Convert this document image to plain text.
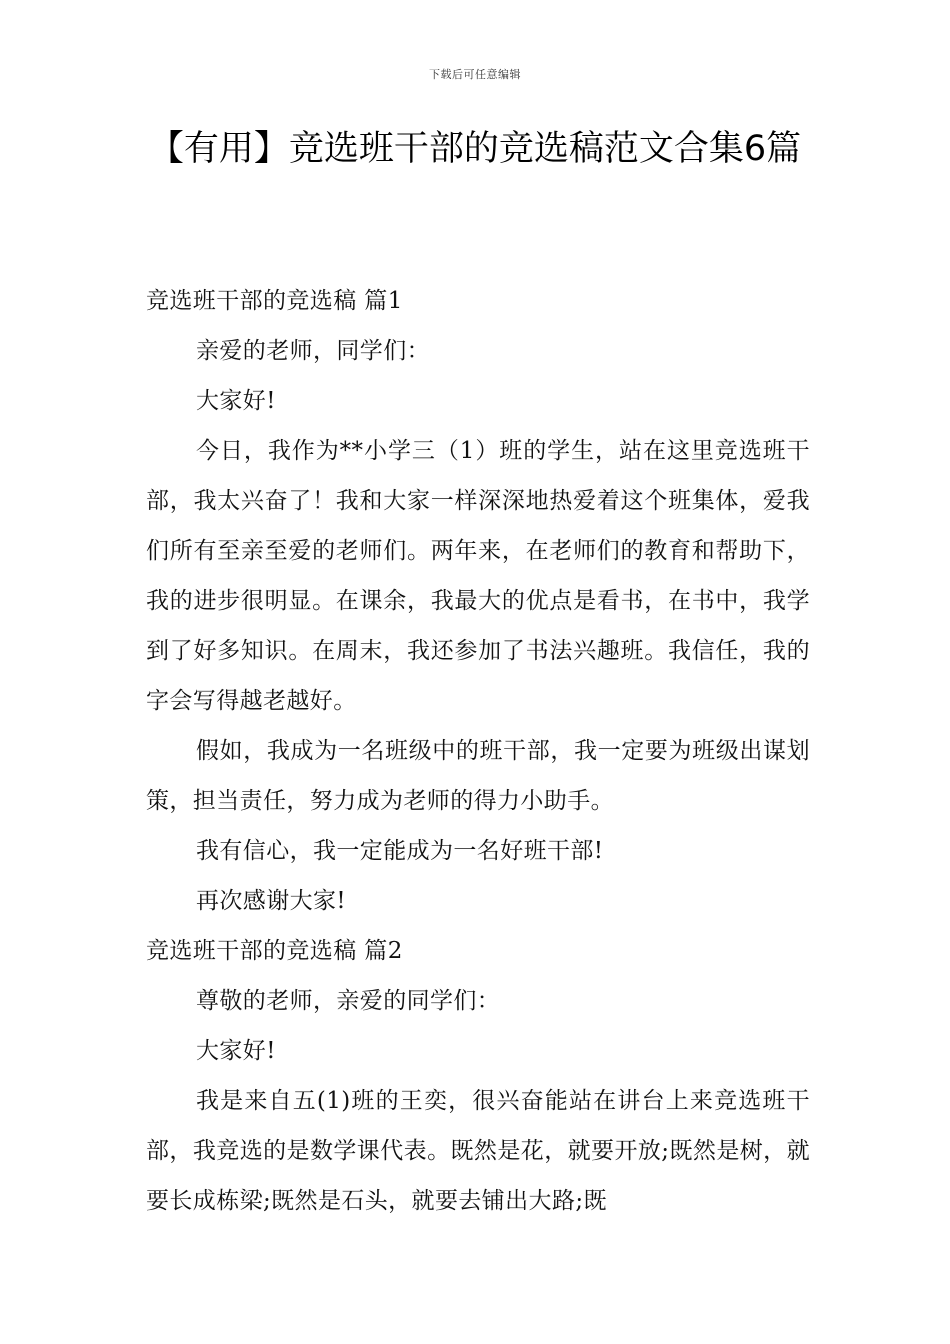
下载后可任意编辑
【有用】竞选班干部的竞选稿范文合集6篇

竞选班干部的竞选稿 篇1

亲爱的老师，同学们：

大家好!

今日，我作为**小学三（1）班的学生，站在这里竞选班干部，我太兴奋了！我和大家一样深深地热爱着这个班集体，爱我们所有至亲至爱的老师们。两年来，在老师们的教育和帮助下，我的进步很明显。在课余，我最大的优点是看书，在书中，我学到了好多知识。在周末，我还参加了书法兴趣班。我信任，我的字会写得越老越好。

假如，我成为一名班级中的班干部，我一定要为班级出谋划策，担当责任，努力成为老师的得力小助手。

我有信心，我一定能成为一名好班干部!

再次感谢大家!

竞选班干部的竞选稿 篇2

尊敬的老师，亲爱的同学们：

大家好!

我是来自五(1)班的王奕，很兴奋能站在讲台上来竞选班干部，我竞选的是数学课代表。既然是花，就要开放;既然是树，就要长成栋梁;既然是石头，就要去铺出大路;既
